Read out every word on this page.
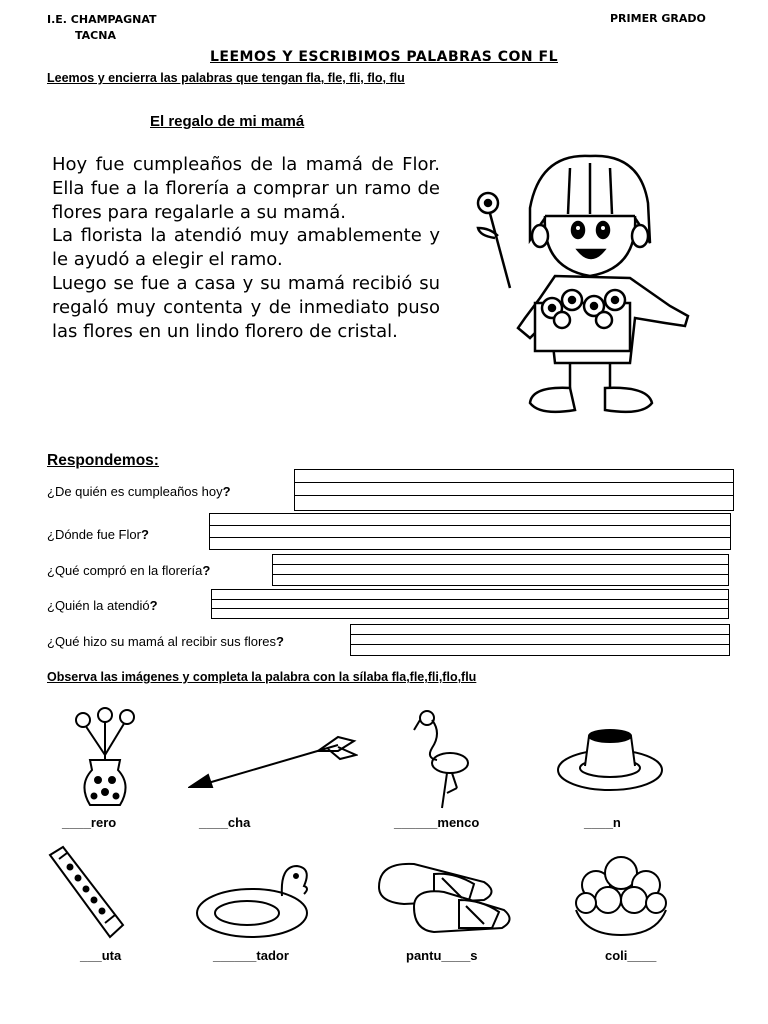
I.E. CHAMPAGNAT
TACNA
PRIMER GRADO
LEEMOS Y ESCRIBIMOS PALABRAS CON FL
Leemos y encierra las palabras que tengan fla, fle, fli, flo, flu
El regalo de mi mamá

Hoy fue cumpleaños de la mamá de Flor. Ella fue a la florería a comprar un ramo de flores para regalarle a su mamá.

La florista la atendió muy amablemente y le ayudó a elegir el ramo.

Luego se fue a casa y su mamá recibió su regaló muy contenta y de inmediato puso las flores en un lindo florero de cristal.

Respondemos:
¿De quién es cumpleaños hoy?
¿Dónde fue Flor?
¿Qué compró en la florería?
¿Quién la atendió?
¿Qué hizo su mamá al recibir sus flores?
Observa las imágenes y completa la palabra con la sílaba fla,fle,fli,flo,flu
____rero	____cha	______menco	____n
___uta	______tador	pantu____s	coli____
